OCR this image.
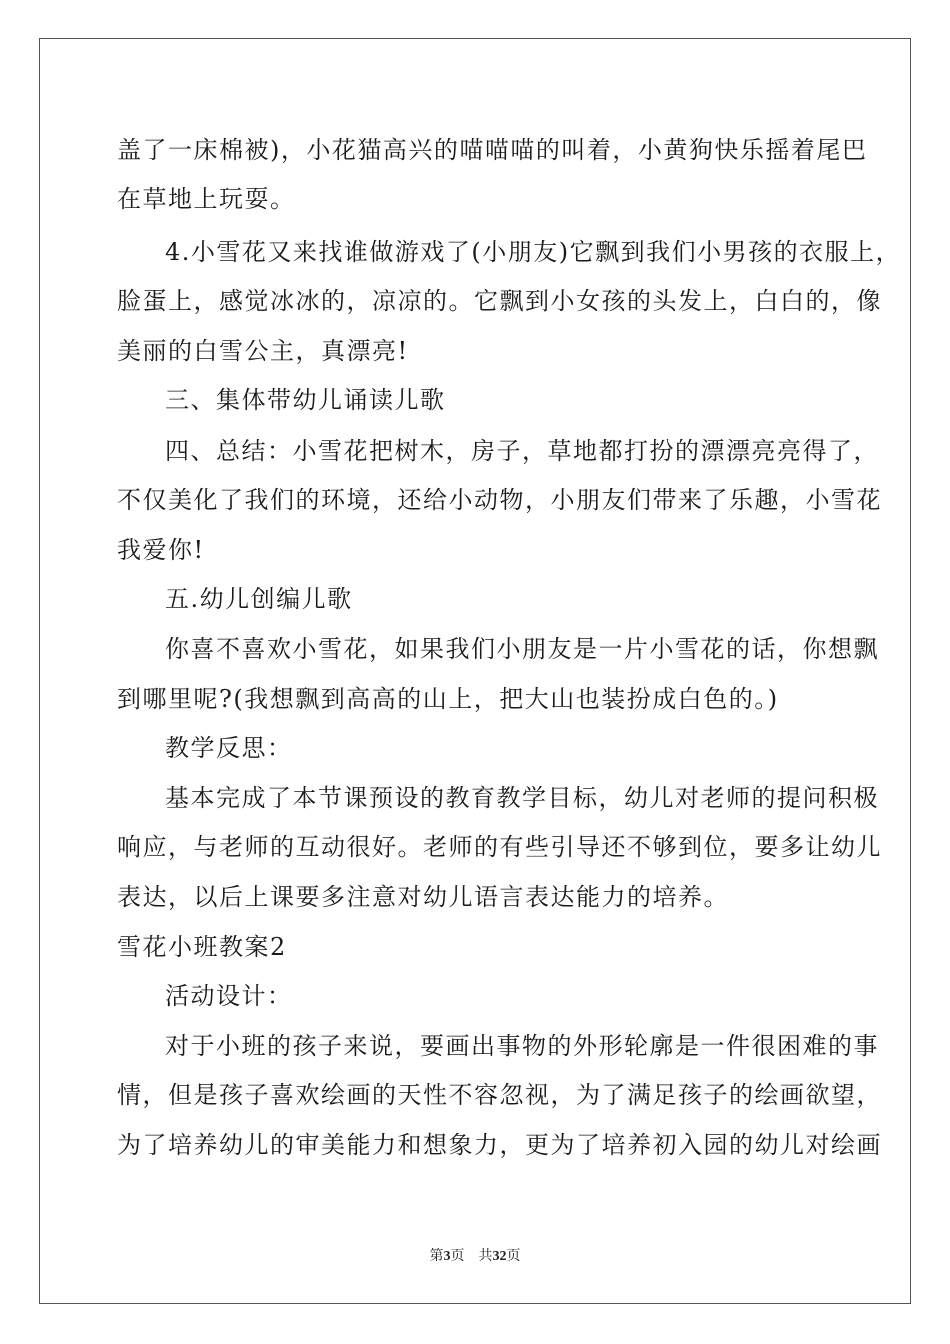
盖了一床棉被)，小花猫高兴的喵喵喵的叫着，小黄狗快乐摇着尾巴
在草地上玩耍。
4.小雪花又来找谁做游戏了(小朋友)它飘到我们小男孩的衣服上，
脸蛋上，感觉冰冰的，凉凉的。它飘到小女孩的头发上，白白的，像
美丽的白雪公主，真漂亮!
三、集体带幼儿诵读儿歌
四、总结：小雪花把树木，房子，草地都打扮的漂漂亮亮得了，
不仅美化了我们的环境，还给小动物，小朋友们带来了乐趣，小雪花
我爱你!
五.幼儿创编儿歌
你喜不喜欢小雪花，如果我们小朋友是一片小雪花的话，你想飘
到哪里呢?(我想飘到高高的山上，把大山也装扮成白色的。)
教学反思：
基本完成了本节课预设的教育教学目标，幼儿对老师的提问积极
响应，与老师的互动很好。老师的有些引导还不够到位，要多让幼儿
表达，以后上课要多注意对幼儿语言表达能力的培养。
雪花小班教案2
活动设计：
对于小班的孩子来说，要画出事物的外形轮廓是一件很困难的事
情，但是孩子喜欢绘画的天性不容忽视，为了满足孩子的绘画欲望，
为了培养幼儿的审美能力和想象力，更为了培养初入园的幼儿对绘画
第3页　共32页
